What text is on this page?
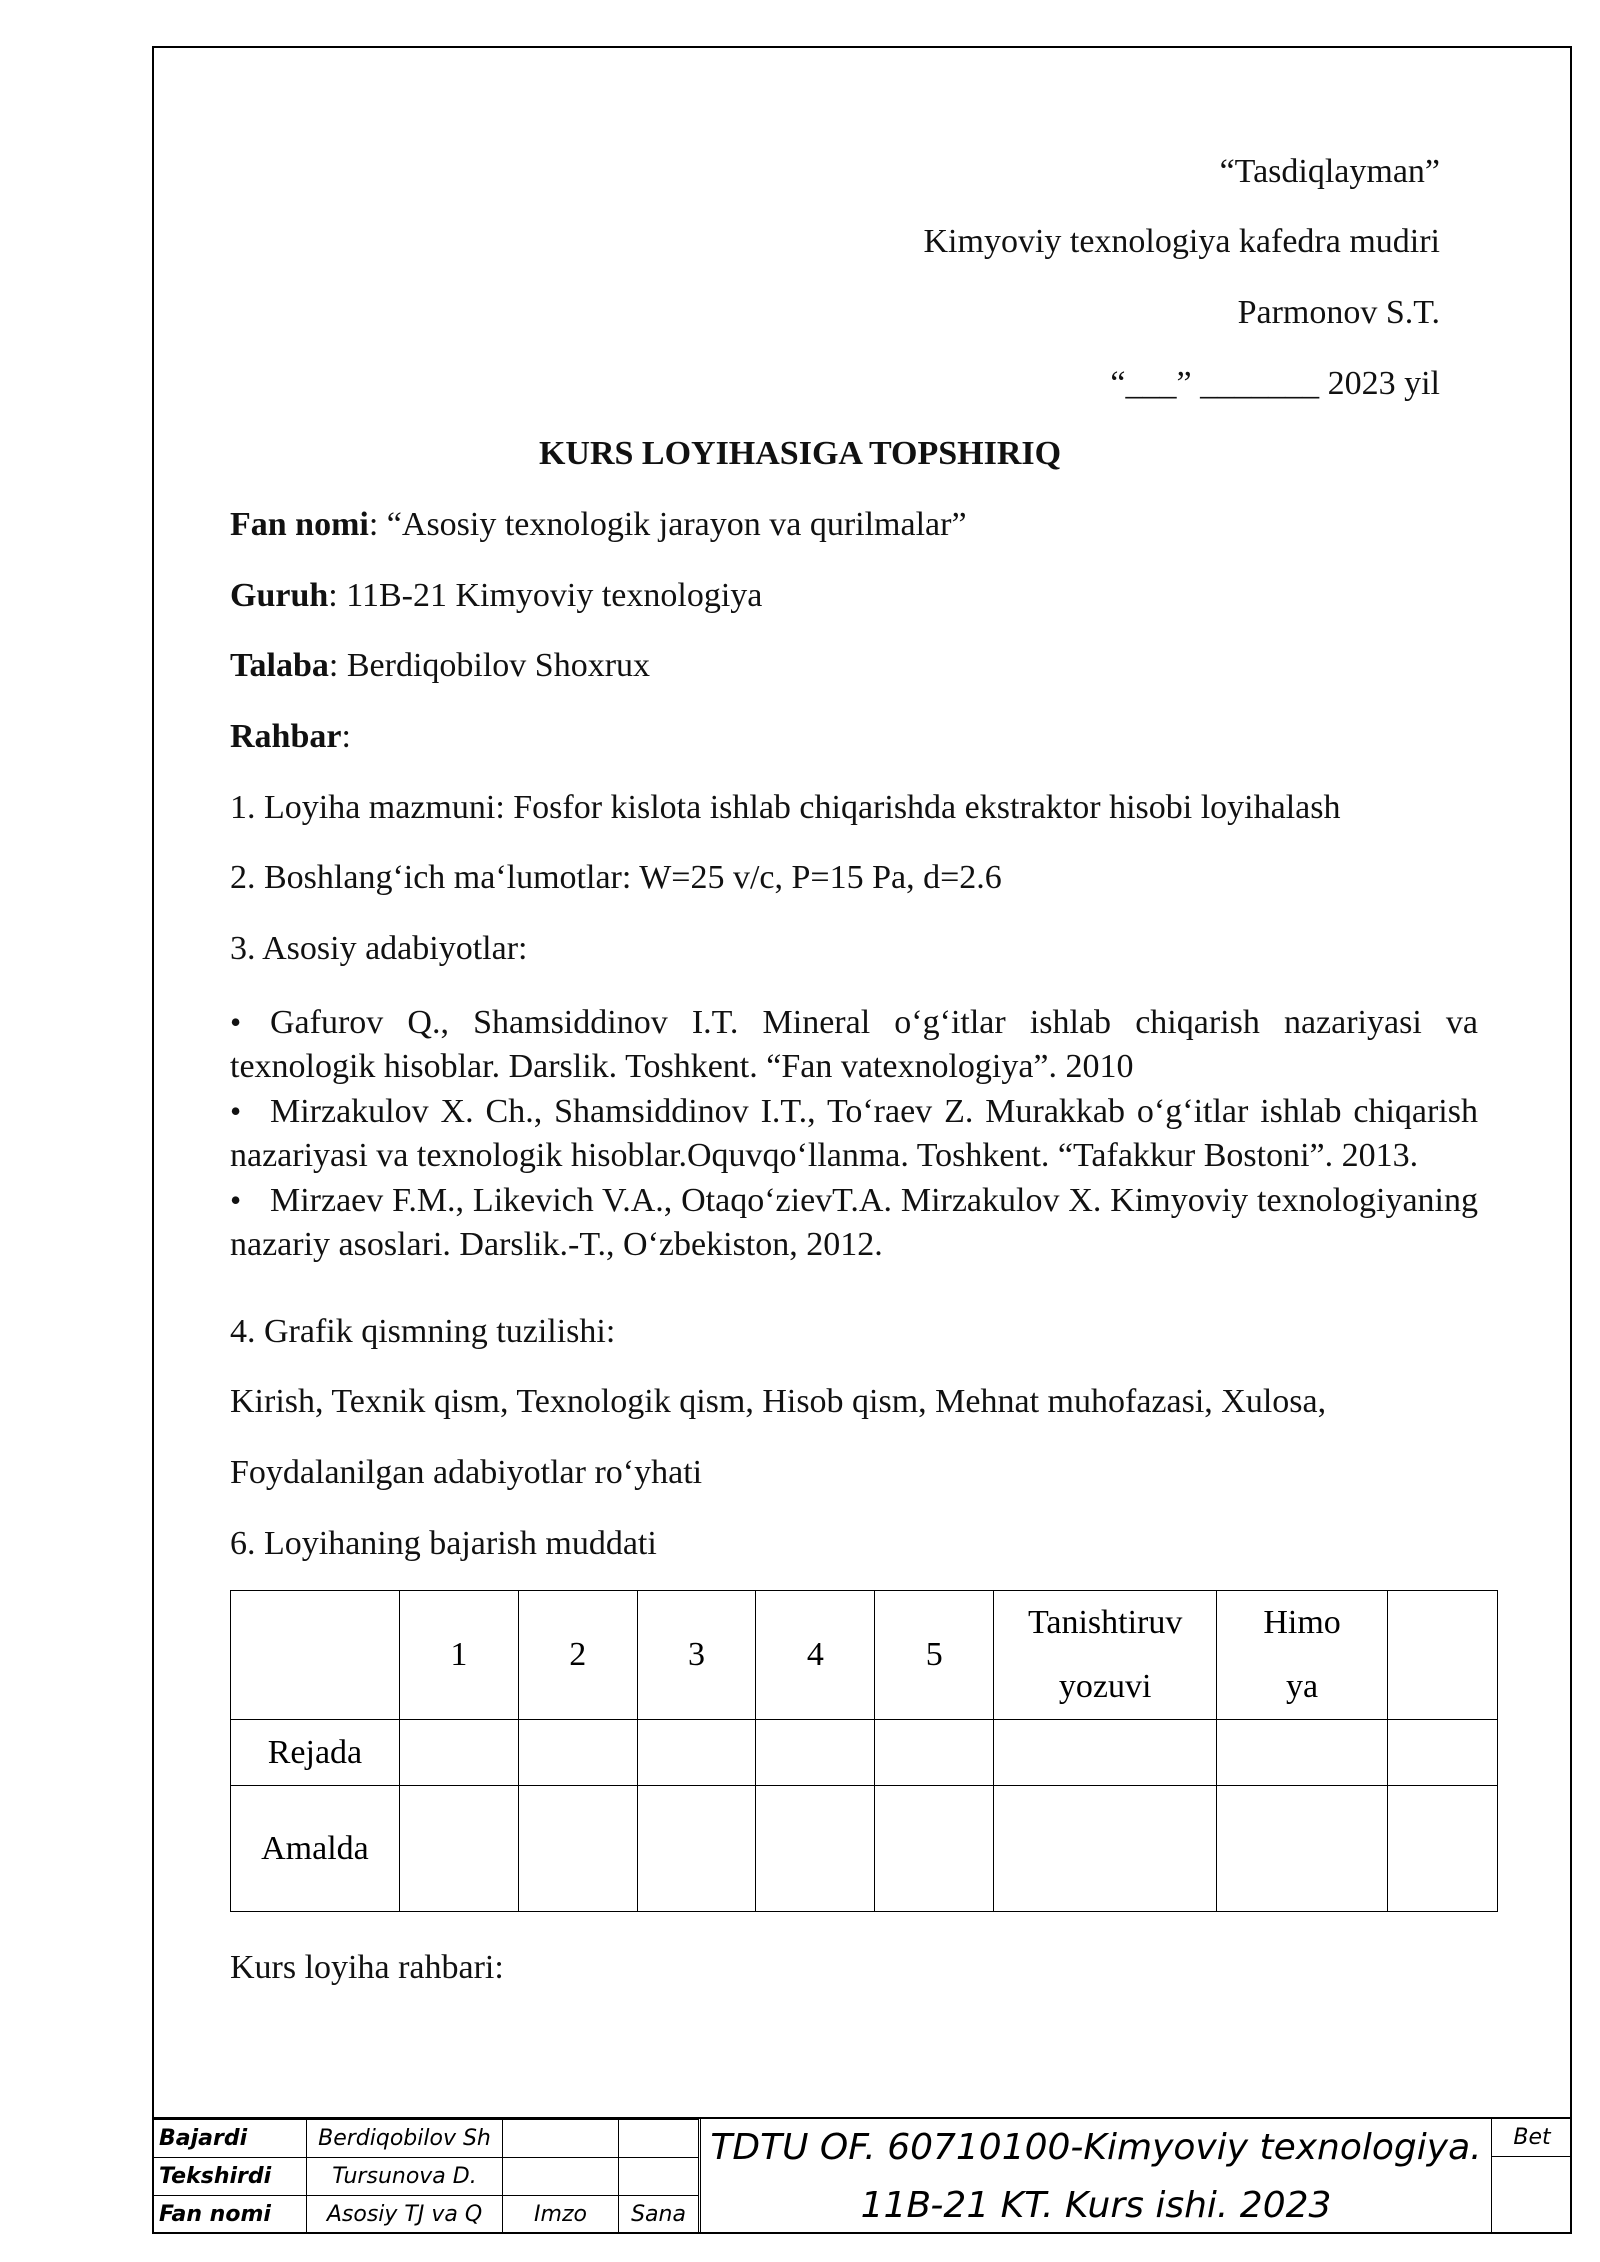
“Tasdiqlayman”
Kimyoviy texnologiya kafedra mudiri
Parmonov S.T.
“___” _______ 2023 yil
KURS LOYIHASIGA TOPSHIRIQ
Fan nomi: “Asosiy texnologik jarayon va qurilmalar”
Guruh: 11B-21 Kimyoviy texnologiya
Talaba: Berdiqobilov Shoxrux
Rahbar:
1. Loyiha mazmuni: Fosfor kislota ishlab chiqarishda ekstraktor hisobi loyihalash
2. Boshlang‘ich ma‘lumotlar: W=25 v/c, P=15 Pa, d=2.6
3. Asosiy adabiyotlar:

• Gafurov Q., Shamsiddinov I.T. Mineral o‘g‘itlar ishlab chiqarish nazariyasi va texnologik hisoblar. Darslik. Toshkent. “Fan vatexnologiya”. 2010

• Mirzakulov X. Ch., Shamsiddinov I.T., To‘raev Z. Murakkab o‘g‘itlar ishlab chiqarish nazariyasi va texnologik hisoblar.Oquvqo‘llanma. Toshkent. “Tafakkur Bostoni”. 2013.

• Mirzaev F.M., Likevich V.A., Otaqo‘zievT.A. Mirzakulov X. Kimyoviy texnologiyaning nazariy asoslari. Darslik.-T., O‘zbekiston, 2012.

4. Grafik qismning tuzilishi:
Kirish, Texnik qism, Texnologik qism, Hisob qism, Mehnat muhofazasi, Xulosa,
Foydalanilgan adabiyotlar ro‘yhati
6. Loyihaning bajarish muddati
	1	2	3	4	5	Tanishtiruv yozuvi	Himoya	
Rejada								
Amalda								
Kurs loyiha rahbari:
Bajardi	Berdiqobilov Sh		
Tekshirdi	Tursunova D.		
Fan nomi	Asosiy TJ va Q	Imzo	Sana
TDTU OF. 60710100-Kimyoviy texnologiya.
11B-21 KT. Kurs ishi. 2023
Bet
